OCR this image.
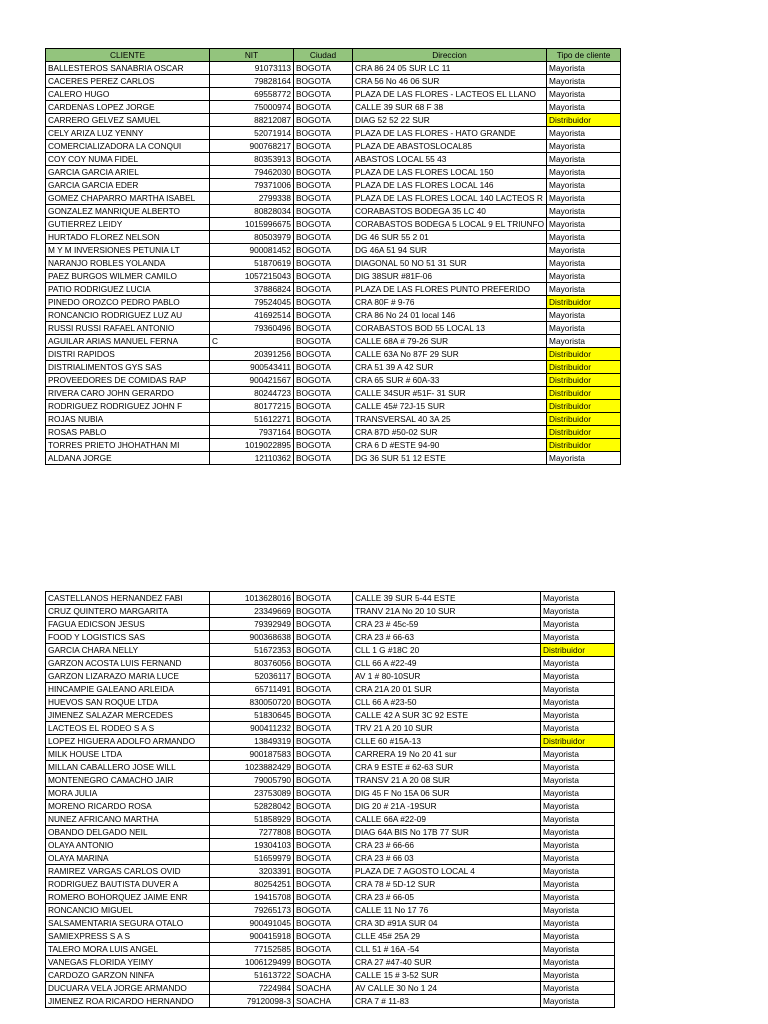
CLIENTE	NIT	Ciudad	Direccion	Tipo de cliente
BALLESTEROS SANABRIA OSCAR	91073113	BOGOTA	CRA 86 24 05 SUR LC 11	Mayorista
CACERES PEREZ CARLOS	79828164	BOGOTA	CRA 56 No 46 06 SUR	Mayorista
CALERO HUGO	69558772	BOGOTA	PLAZA DE LAS FLORES - LACTEOS EL LLANO	Mayorista
CARDENAS LOPEZ JORGE	75000974	BOGOTA	CALLE 39 SUR 68 F 38	Mayorista
CARRERO GELVEZ SAMUEL	88212087	BOGOTA	DIAG 52 52 22 SUR	Distribuidor
CELY ARIZA LUZ YENNY	52071914	BOGOTA	PLAZA DE LAS FLORES - HATO GRANDE	Mayorista
COMERCIALIZADORA LA CONQUI	900768217	BOGOTA	PLAZA DE ABASTOSLOCAL85	Mayorista
COY COY NUMA FIDEL	80353913	BOGOTA	ABASTOS LOCAL 55 43	Mayorista
GARCIA GARCIA ARIEL	79462030	BOGOTA	PLAZA DE LAS FLORES LOCAL 150	Mayorista
GARCIA GARCIA EDER	79371006	BOGOTA	PLAZA DE LAS FLORES LOCAL 146	Mayorista
GOMEZ CHAPARRO MARTHA ISABEL	2799338	BOGOTA	PLAZA DE LAS FLORES LOCAL 140 LACTEOS R	Mayorista
GONZALEZ MANRIQUE ALBERTO	80828034	BOGOTA	CORABASTOS BODEGA 35 LC 40	Mayorista
GUTIERREZ LEIDY	1015996675	BOGOTA	CORABASTOS BODEGA 5 LOCAL 9 EL TRIUNFO	Mayorista
HURTADO FLOREZ NELSON	80503979	BOGOTA	DG 46 SUR 55 2 01	Mayorista
M Y M INVERSIONES PETUNIA LT	900081452	BOGOTA	DG 46A 51 94 SUR	Mayorista
NARANJO ROBLES YOLANDA	51870619	BOGOTA	DIAGONAL 50 NO 51 31 SUR	Mayorista
PAEZ BURGOS WILMER CAMILO	1057215043	BOGOTA	DIG 38SUR #81F-06	Mayorista
PATIO RODRIGUEZ LUCIA	37886824	BOGOTA	PLAZA DE LAS FLORES PUNTO PREFERIDO	Mayorista
PINEDO OROZCO PEDRO PABLO	79524045	BOGOTA	CRA 80F # 9-76	Distribuidor
RONCANCIO RODRIGUEZ LUZ AU	41692514	BOGOTA	CRA 86 No 24 01 local 146	Mayorista
RUSSI RUSSI RAFAEL ANTONIO	79360496	BOGOTA	CORABASTOS BOD 55 LOCAL 13	Mayorista
AGUILAR ARIAS MANUEL FERNA	C	BOGOTA	CALLE 68A # 79-26 SUR	Mayorista
DISTRI RAPIDOS	20391256	BOGOTA	CALLE 63A No 87F 29 SUR	Distribuidor
DISTRIALIMENTOS GYS SAS	900543411	BOGOTA	CRA 51 39 A 42 SUR	Distribuidor
PROVEEDORES DE COMIDAS RAP	900421567	BOGOTA	CRA 65 SUR # 60A-33	Distribuidor
RIVERA CARO JOHN GERARDO	80244723	BOGOTA	CALLE 34SUR #51F- 31 SUR	Distribuidor
RODRIGUEZ RODRIGUEZ JOHN F	80177215	BOGOTA	CALLE 45# 72J-15 SUR	Distribuidor
ROJAS NUBIA	51612271	BOGOTA	TRANSVERSAL 40 3A 25	Distribuidor
ROSAS PABLO	7937164	BOGOTA	CRA 87D #50-02 SUR	Distribuidor
TORRES PRIETO JHOHATHAN MI	1019022895	BOGOTA	CRA 6 D #ESTE 94-90	Distribuidor
ALDANA JORGE	12110362	BOGOTA	DG 36 SUR 51 12 ESTE	Mayorista
CASTELLANOS HERNANDEZ FABI	1013628016	BOGOTA	CALLE 39 SUR 5-44 ESTE	Mayorista
CRUZ QUINTERO MARGARITA	23349669	BOGOTA	TRANV 21A No 20 10 SUR	Mayorista
FAGUA EDICSON JESUS	79392949	BOGOTA	CRA 23 # 45c-59	Mayorista
FOOD Y LOGISTICS SAS	900368638	BOGOTA	CRA 23 # 66-63	Mayorista
GARCIA CHARA NELLY	51672353	BOGOTA	CLL 1 G #18C 20	Distribuidor
GARZON ACOSTA LUIS FERNAND	80376056	BOGOTA	CLL 66 A #22-49	Mayorista
GARZON LIZARAZO MARIA LUCE	52036117	BOGOTA	AV 1 # 80-10SUR	Mayorista
HINCAMPIE GALEANO ARLEIDA	65711491	BOGOTA	CRA 21A 20 01 SUR	Mayorista
HUEVOS SAN ROQUE LTDA	830050720	BOGOTA	CLL 66 A #23-50	Mayorista
JIMENEZ SALAZAR MERCEDES	51830645	BOGOTA	CALLE 42 A SUR 3C 92 ESTE	Mayorista
LACTEOS EL RODEO S A S	900411232	BOGOTA	TRV 21 A 20 10 SUR	Mayorista
LOPEZ HIGUERA ADOLFO ARMANDO	13849319	BOGOTA	CLLE 60 #15A-13	Distribuidor
MILK HOUSE LTDA	900187583	BOGOTA	CARRERA 19 No 20 41 sur	Mayorista
MILLAN CABALLERO JOSE WILL	1023882429	BOGOTA	CRA 9 ESTE # 62-63 SUR	Mayorista
MONTENEGRO CAMACHO JAIR	79005790	BOGOTA	TRANSV 21 A 20 08 SUR	Mayorista
MORA JULIA	23753089	BOGOTA	DIG 45 F No 15A 06 SUR	Mayorista
MORENO RICARDO ROSA	52828042	BOGOTA	DIG 20 # 21A -19SUR	Mayorista
NUNEZ AFRICANO MARTHA	51858929	BOGOTA	CALLE 66A #22-09	Mayorista
OBANDO DELGADO NEIL	7277808	BOGOTA	DIAG 64A BIS No 17B 77 SUR	Mayorista
OLAYA ANTONIO	19304103	BOGOTA	CRA 23 # 66-66	Mayorista
OLAYA MARINA	51659979	BOGOTA	CRA 23 # 66 03	Mayorista
RAMIREZ VARGAS CARLOS OVID	3203391	BOGOTA	PLAZA DE 7 AGOSTO LOCAL 4	Mayorista
RODRIGUEZ BAUTISTA DUVER A	80254251	BOGOTA	CRA 78 # 5D-12 SUR	Mayorista
ROMERO BOHORQUEZ JAIME ENR	19415708	BOGOTA	CRA 23 # 66-05	Mayorista
RONCANCIO MIGUEL	79265173	BOGOTA	CALLE 11 No 17 76	Mayorista
SALSAMENTARIA SEGURA OTALO	900491045	BOGOTA	CRA 3D #91A SUR 04	Mayorista
SAMIEXPRESS S A S	900415918	BOGOTA	CLLE 45# 25A 29	Mayorista
TALERO MORA LUIS ANGEL	77152585	BOGOTA	CLL 51 # 16A -54	Mayorista
VANEGAS FLORIDA YEIMY	1006129499	BOGOTA	CRA 27 #47-40 SUR	Mayorista
CARDOZO GARZON NINFA	51613722	SOACHA	CALLE 15 # 3-52 SUR	Mayorista
DUCUARA VELA JORGE ARMANDO	7224984	SOACHA	AV CALLE 30 No 1 24	Mayorista
JIMENEZ ROA RICARDO HERNANDO	79120098-3	SOACHA	CRA 7 # 11-83	Mayorista
